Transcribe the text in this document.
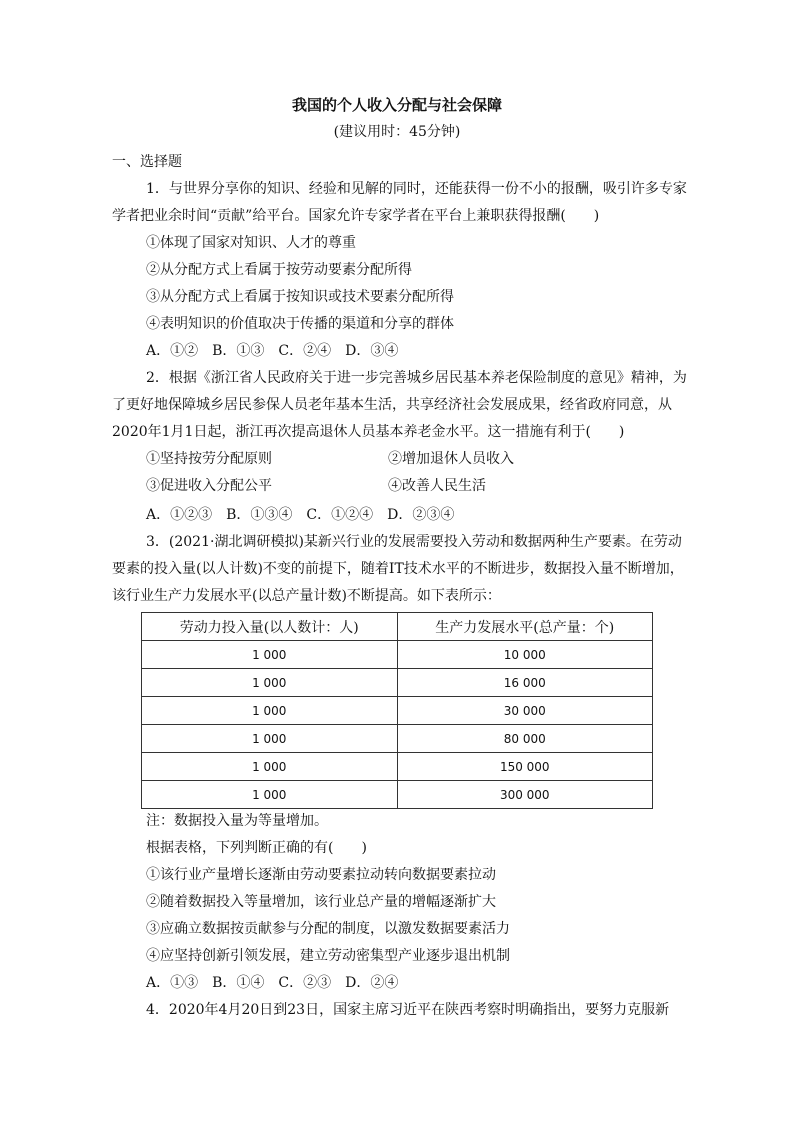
我国的个人收入分配与社会保障
(建议用时：45分钟)
一、选择题
1．与世界分享你的知识、经验和见解的同时，还能获得一份不小的报酬，吸引许多专家
学者把业余时间“贡献”给平台。国家允许专家学者在平台上兼职获得报酬(　　)
①体现了国家对知识、人才的尊重
②从分配方式上看属于按劳动要素分配所得
③从分配方式上看属于按知识或技术要素分配所得
④表明知识的价值取决于传播的渠道和分享的群体
A．①②　B．①③　C．②④　D．③④
2．根据《浙江省人民政府关于进一步完善城乡居民基本养老保险制度的意见》精神，为
了更好地保障城乡居民参保人员老年基本生活，共享经济社会发展成果，经省政府同意，从
2020年1月1日起，浙江再次提高退休人员基本养老金水平。这一措施有利于(　　)
①坚持按劳分配原则	②增加退休人员收入
③促进收入分配公平	④改善人民生活
A．①②③　B．①③④　C．①②④　D．②③④
3．(2021·湖北调研模拟)某新兴行业的发展需要投入劳动和数据两种生产要素。在劳动
要素的投入量(以人计数)不变的前提下，随着IT技术水平的不断进步，数据投入量不断增加，
该行业生产力发展水平(以总产量计数)不断提高。如下表所示：
劳动力投入量(以人数计：人)	生产力发展水平(总产量：个)
1 000	10 000
1 000	16 000
1 000	30 000
1 000	80 000
1 000	150 000
1 000	300 000
注：数据投入量为等量增加。
根据表格，下列判断正确的有(　　)
①该行业产量增长逐渐由劳动要素拉动转向数据要素拉动
②随着数据投入等量增加，该行业总产量的增幅逐渐扩大
③应确立数据按贡献参与分配的制度，以激发数据要素活力
④应坚持创新引领发展，建立劳动密集型产业逐步退出机制
A．①③　B．①④　C．②③　D．②④
4．2020年4月20日到23日，国家主席习近平在陕西考察时明确指出，要努力克服新
